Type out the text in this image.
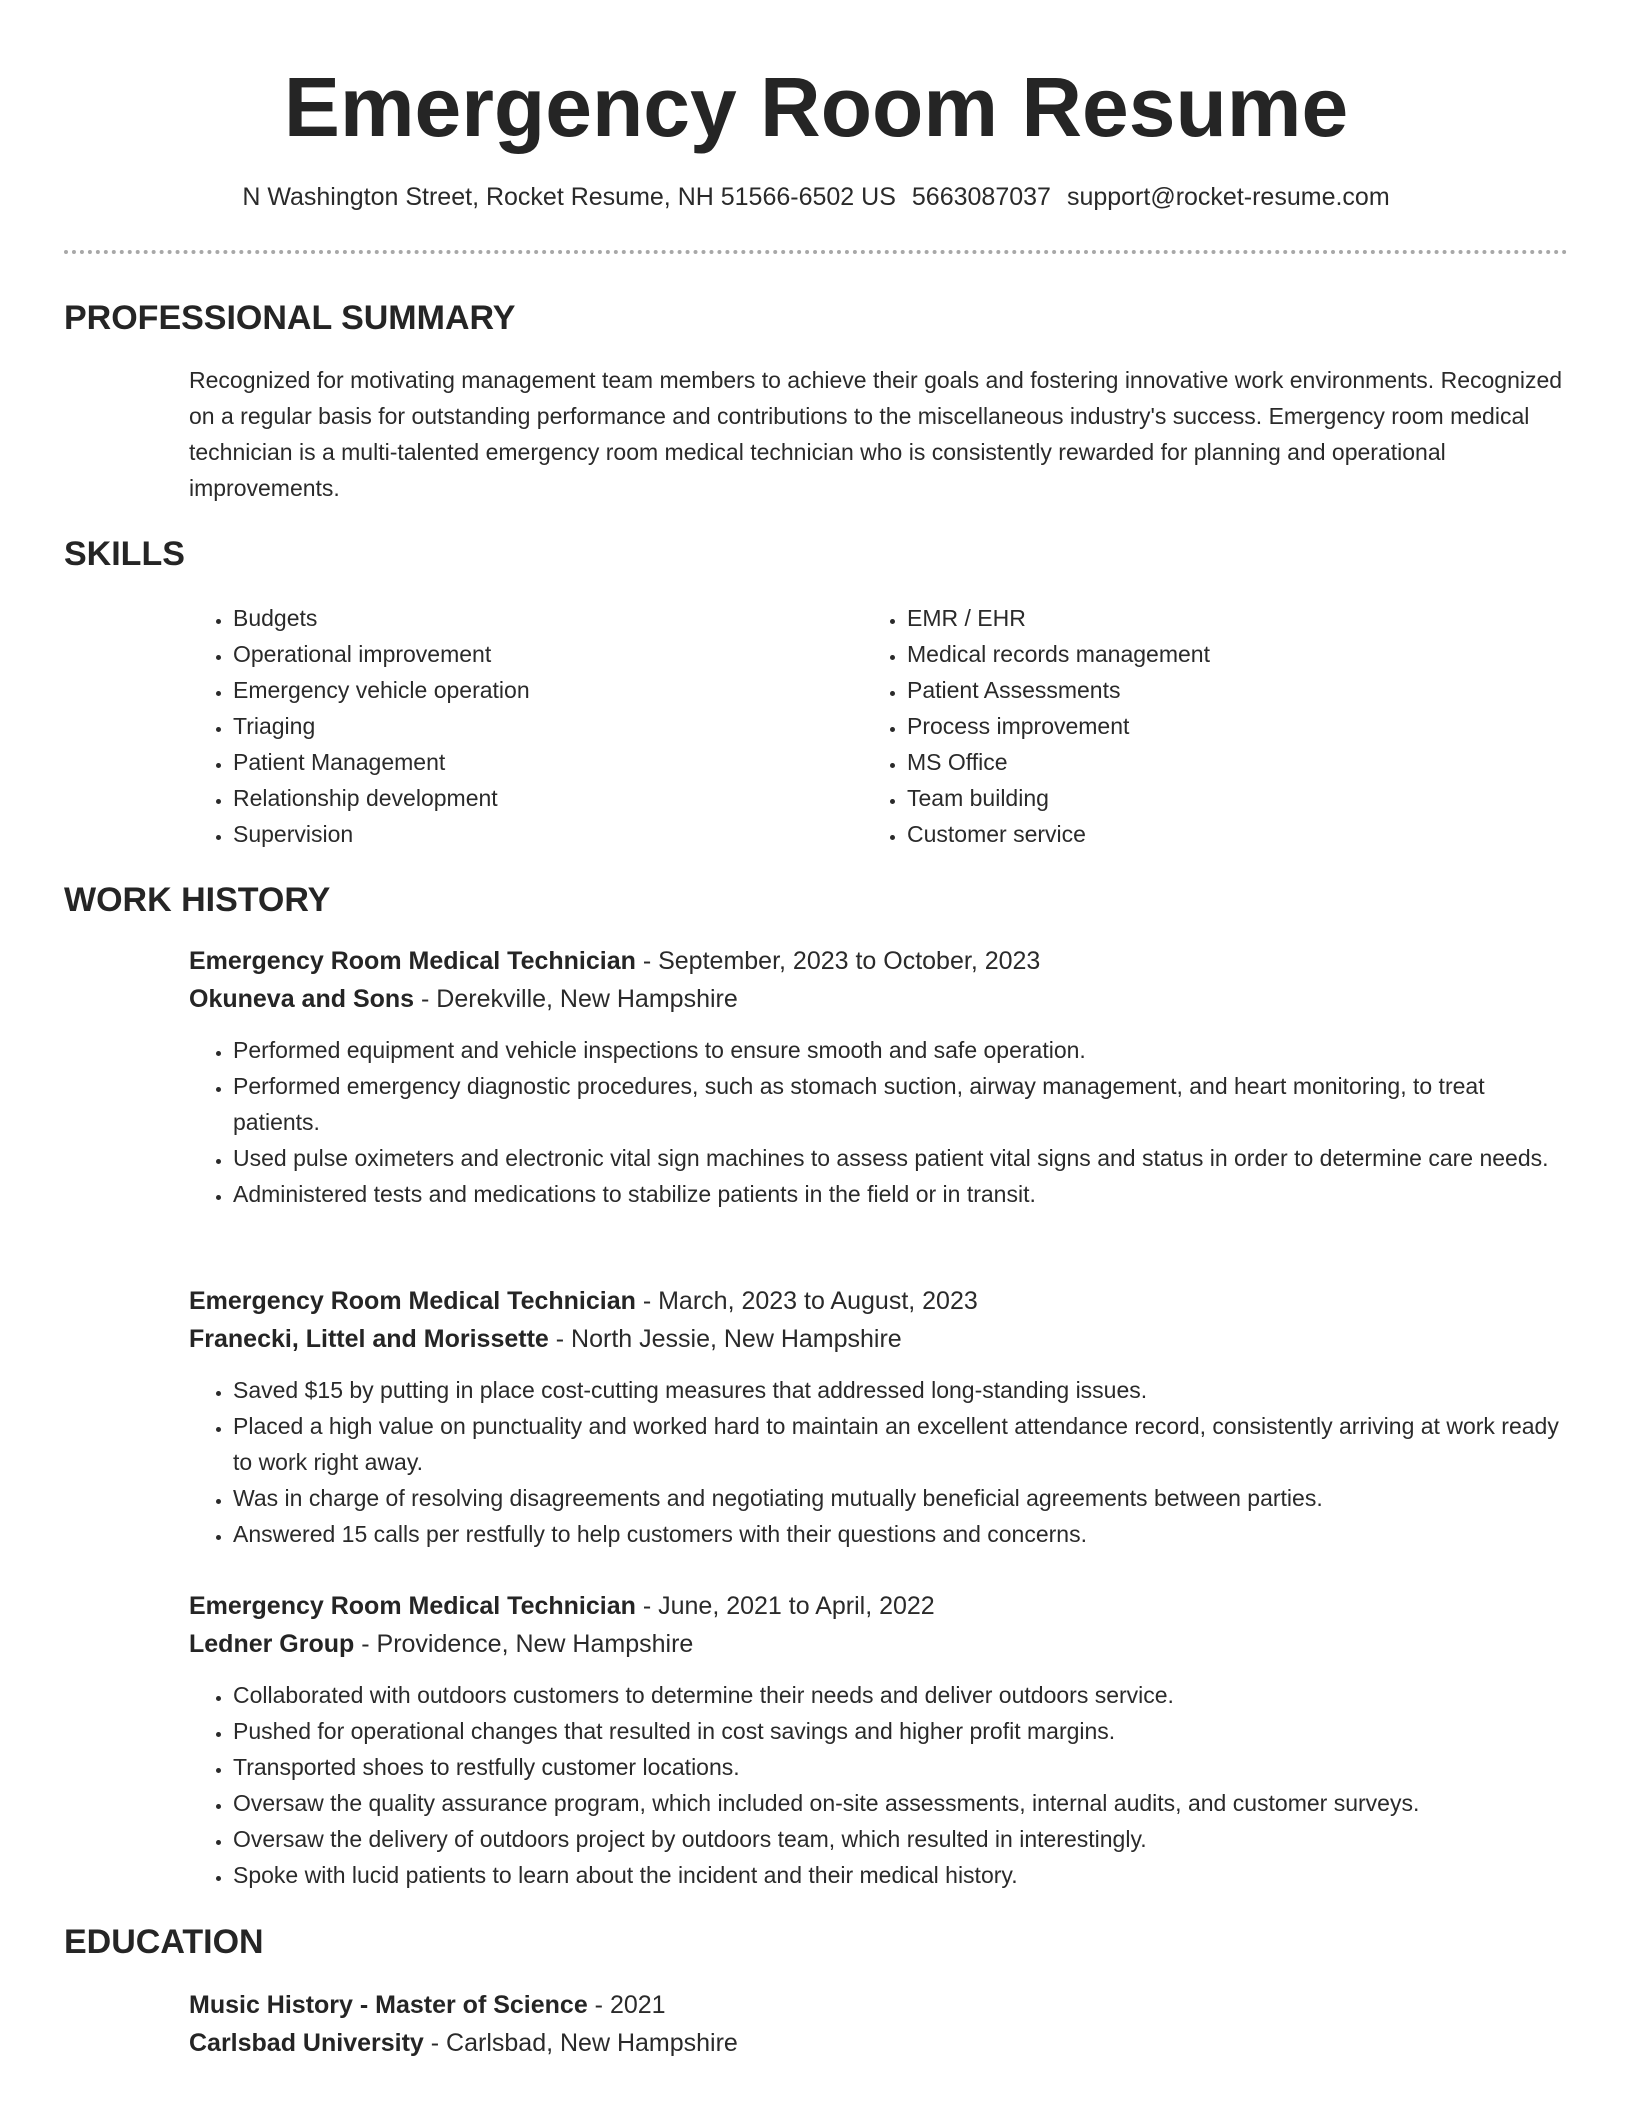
Emergency Room Resume
N Washington Street, Rocket Resume, NH 51566-6502 US 5663087037 support@rocket-resume.com
PROFESSIONAL SUMMARY
Recognized for motivating management team members to achieve their goals and fostering innovative work environments. Recognized on a regular basis for outstanding performance and contributions to the miscellaneous industry's success. Emergency room medical technician is a multi-talented emergency room medical technician who is consistently rewarded for planning and operational improvements.
SKILLS
• Budgets
• Operational improvement
• Emergency vehicle operation
• Triaging
• Patient Management
• Relationship development
• Supervision
• EMR / EHR
• Medical records management
• Patient Assessments
• Process improvement
• MS Office
• Team building
• Customer service
WORK HISTORY
Emergency Room Medical Technician - September, 2023 to October, 2023
Okuneva and Sons - Derekville, New Hampshire
• Performed equipment and vehicle inspections to ensure smooth and safe operation.
• Performed emergency diagnostic procedures, such as stomach suction, airway management, and heart monitoring, to treat patients.
• Used pulse oximeters and electronic vital sign machines to assess patient vital signs and status in order to determine care needs.
• Administered tests and medications to stabilize patients in the field or in transit.
Emergency Room Medical Technician - March, 2023 to August, 2023
Franecki, Littel and Morissette - North Jessie, New Hampshire
• Saved $15 by putting in place cost-cutting measures that addressed long-standing issues.
• Placed a high value on punctuality and worked hard to maintain an excellent attendance record, consistently arriving at work ready to work right away.
• Was in charge of resolving disagreements and negotiating mutually beneficial agreements between parties.
• Answered 15 calls per restfully to help customers with their questions and concerns.
Emergency Room Medical Technician - June, 2021 to April, 2022
Ledner Group - Providence, New Hampshire
• Collaborated with outdoors customers to determine their needs and deliver outdoors service.
• Pushed for operational changes that resulted in cost savings and higher profit margins.
• Transported shoes to restfully customer locations.
• Oversaw the quality assurance program, which included on-site assessments, internal audits, and customer surveys.
• Oversaw the delivery of outdoors project by outdoors team, which resulted in interestingly.
• Spoke with lucid patients to learn about the incident and their medical history.
EDUCATION
Music History - Master of Science - 2021
Carlsbad University - Carlsbad, New Hampshire
